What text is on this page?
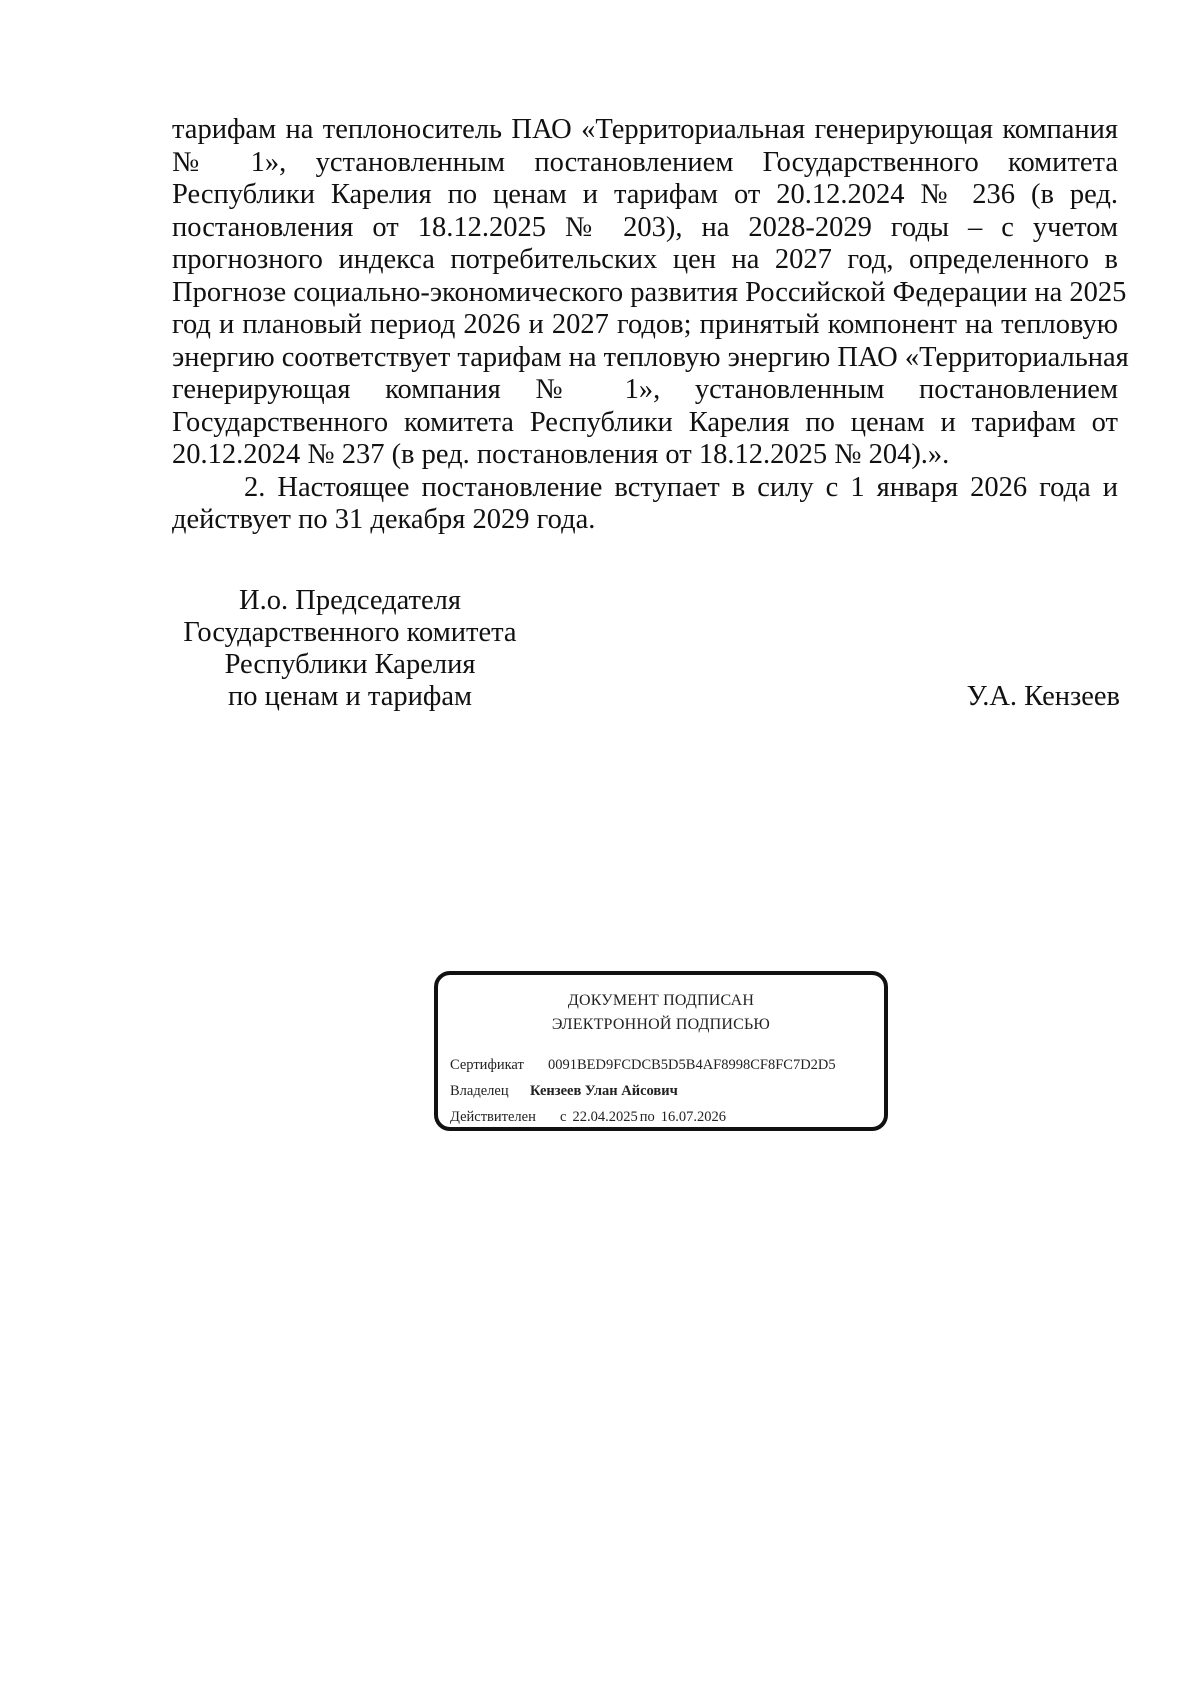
тарифам на теплоноситель ПАО «Территориальная генерирующая компания
№ 1», установленным постановлением Государственного комитета
Республики Карелия по ценам и тарифам от 20.12.2024 № 236 (в ред.
постановления от 18.12.2025 № 203), на 2028-2029 годы – с учетом
прогнозного индекса потребительских цен на 2027 год, определенного в
Прогнозе социально-экономического развития Российской Федерации на 2025
год и плановый период 2026 и 2027 годов; принятый компонент на тепловую
энергию соответствует тарифам на тепловую энергию ПАО «Территориальная
генерирующая компания № 1», установленным постановлением
Государственного комитета Республики Карелия по ценам и тарифам от
20.12.2024 № 237 (в ред. постановления от 18.12.2025 № 204).».
2. Настоящее постановление вступает в силу с 1 января 2026 года и
действует по 31 декабря 2029 года.
И.о. Председателя
Государственного комитета
Республики Карелия
по ценам и тарифам	У.А. Кензеев
ДОКУМЕНТ ПОДПИСАН
ЭЛЕКТРОННОЙ ПОДПИСЬЮ
Сертификат 0091BED9FCDCB5D5B4AF8998CF8FC7D2D5
Владелец Кензеев Улан Айсович
Действителен с 22.04.2025 по 16.07.2026
